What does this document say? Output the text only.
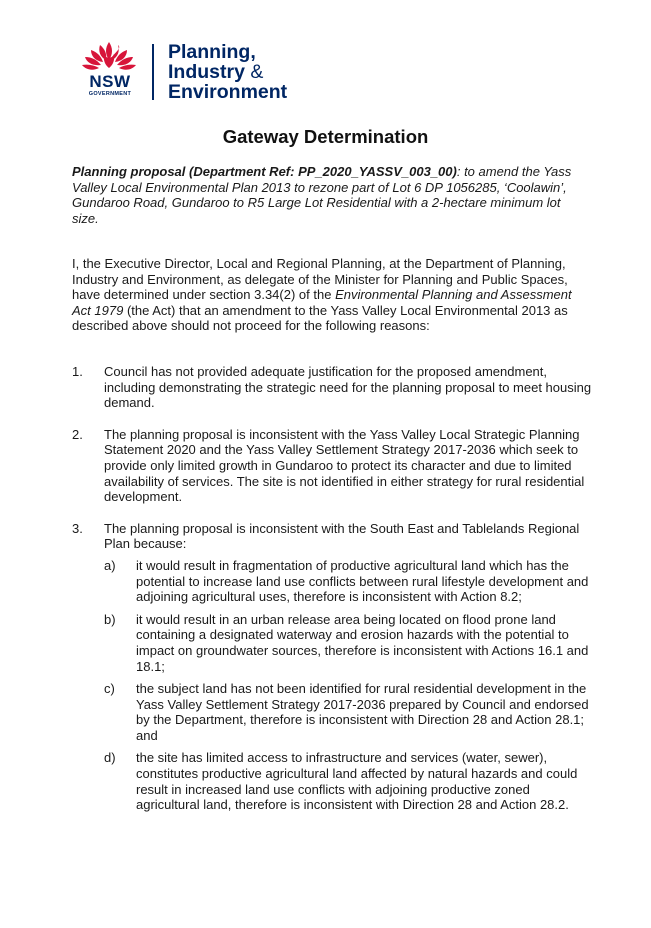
NSW
GOVERNMENT
Planning,
Industry &
Environment
Gateway Determination
Planning proposal (Department Ref: PP_2020_YASSV_003_00): to amend the Yass Valley Local Environmental Plan 2013 to rezone part of Lot 6 DP 1056285, ‘Coolawin’, Gundaroo Road, Gundaroo to R5 Large Lot Residential with a 2-hectare minimum lot size.
I, the Executive Director, Local and Regional Planning, at the Department of Planning, Industry and Environment, as delegate of the Minister for Planning and Public Spaces, have determined under section 3.34(2) of the Environmental Planning and Assessment Act 1979 (the Act) that an amendment to the Yass Valley Local Environmental 2013 as described above should not proceed for the following reasons:
1. Council has not provided adequate justification for the proposed amendment, including demonstrating the strategic need for the planning proposal to meet housing demand.
2. The planning proposal is inconsistent with the Yass Valley Local Strategic Planning Statement 2020 and the Yass Valley Settlement Strategy 2017-2036 which seek to provide only limited growth in Gundaroo to protect its character and due to limited availability of services. The site is not identified in either strategy for rural residential development.
3. The planning proposal is inconsistent with the South East and Tablelands Regional Plan because:
a) it would result in fragmentation of productive agricultural land which has the potential to increase land use conflicts between rural lifestyle development and adjoining agricultural uses, therefore is inconsistent with Action 8.2;
b) it would result in an urban release area being located on flood prone land containing a designated waterway and erosion hazards with the potential to impact on groundwater sources, therefore is inconsistent with Actions 16.1 and 18.1;
c) the subject land has not been identified for rural residential development in the Yass Valley Settlement Strategy 2017-2036 prepared by Council and endorsed by the Department, therefore is inconsistent with Direction 28 and Action 28.1; and
d) the site has limited access to infrastructure and services (water, sewer), constitutes productive agricultural land affected by natural hazards and could result in increased land use conflicts with adjoining productive zoned agricultural land, therefore is inconsistent with Direction 28 and Action 28.2.
